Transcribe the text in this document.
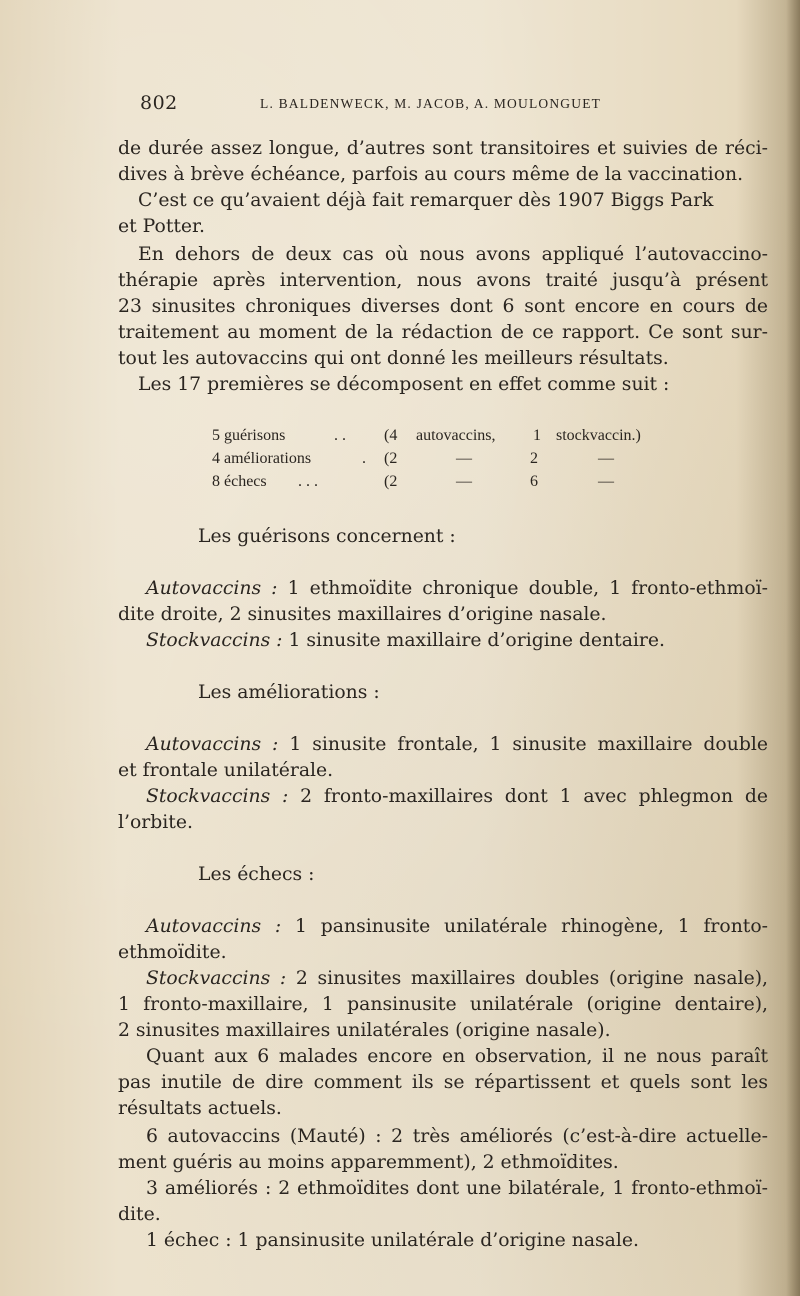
802	L. BALDENWECK, M. JACOB, A. MOULONGUET
de durée assez longue, d’autres sont transitoires et suivies de réci-
dives à brève échéance, parfois au cours même de la vaccination.
C’est ce qu’avaient déjà fait remarquer dès 1907 Biggs Park
et Potter.
En dehors de deux cas où nous avons appliqué l’autovaccino-
thérapie après intervention, nous avons traité jusqu’à présent
23 sinusites chroniques diverses dont 6 sont encore en cours de
traitement au moment de la rédaction de ce rapport. Ce sont sur-
tout les autovaccins qui ont donné les meilleurs résultats.
Les 17 premières se décomposent en effet comme suit :
5 guérisons	. . (4 autovaccins, 1 stockvaccin.)
4 améliorations	. (2	—	2	—
8 échecs . . .	(2	—	6	—
Les guérisons concernent :
Autovaccins : 1 ethmoïdite chronique double, 1 fronto-ethmoï-
dite droite, 2 sinusites maxillaires d’origine nasale.
Stockvaccins : 1 sinusite maxillaire d’origine dentaire.
Les améliorations :
Autovaccins : 1 sinusite frontale, 1 sinusite maxillaire double
et frontale unilatérale.
Stockvaccins : 2 fronto-maxillaires dont 1 avec phlegmon de
l’orbite.
Les échecs :
Autovaccins : 1 pansinusite unilatérale rhinogène, 1 fronto-
ethmoïdite.
Stockvaccins : 2 sinusites maxillaires doubles (origine nasale),
1 fronto-maxillaire, 1 pansinusite unilatérale (origine dentaire),
2 sinusites maxillaires unilatérales (origine nasale).
Quant aux 6 malades encore en observation, il ne nous paraît
pas inutile de dire comment ils se répartissent et quels sont les
résultats actuels.
6 autovaccins (Mauté) : 2 très améliorés (c’est-à-dire actuelle-
ment guéris au moins apparemment), 2 ethmoïdites.
3 améliorés : 2 ethmoïdites dont une bilatérale, 1 fronto-ethmoï-
dite.
1 échec : 1 pansinusite unilatérale d’origine nasale.
